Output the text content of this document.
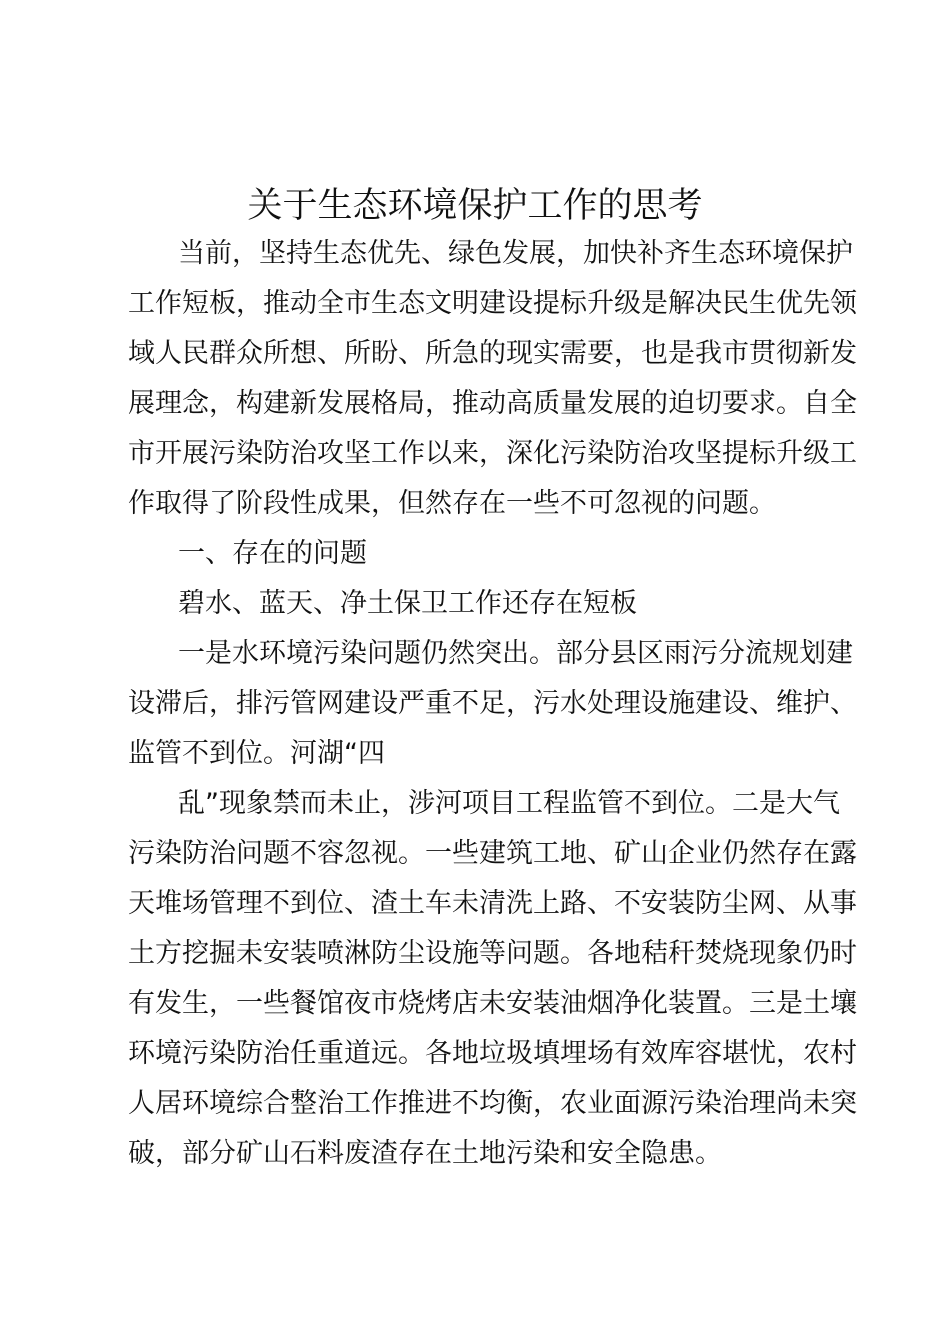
关于生态环境保护工作的思考
当前，坚持生态优先、绿色发展，加快补齐生态环境保护
工作短板，推动全市生态文明建设提标升级是解决民生优先领
域人民群众所想、所盼、所急的现实需要，也是我市贯彻新发
展理念，构建新发展格局，推动高质量发展的迫切要求。自全
市开展污染防治攻坚工作以来，深化污染防治攻坚提标升级工
作取得了阶段性成果，但然存在一些不可忽视的问题。
一、存在的问题
碧水、蓝天、净土保卫工作还存在短板
一是水环境污染问题仍然突出。部分县区雨污分流规划建
设滞后，排污管网建设严重不足，污水处理设施建设、维护、
监管不到位。河湖“四
乱”现象禁而未止，涉河项目工程监管不到位。二是大气
污染防治问题不容忽视。一些建筑工地、矿山企业仍然存在露
天堆场管理不到位、渣土车未清洗上路、不安装防尘网、从事
土方挖掘未安装喷淋防尘设施等问题。各地秸秆焚烧现象仍时
有发生，一些餐馆夜市烧烤店未安装油烟净化装置。三是土壤
环境污染防治任重道远。各地垃圾填埋场有效库容堪忧，农村
人居环境综合整治工作推进不均衡，农业面源污染治理尚未突
破，部分矿山石料废渣存在土地污染和安全隐患。
